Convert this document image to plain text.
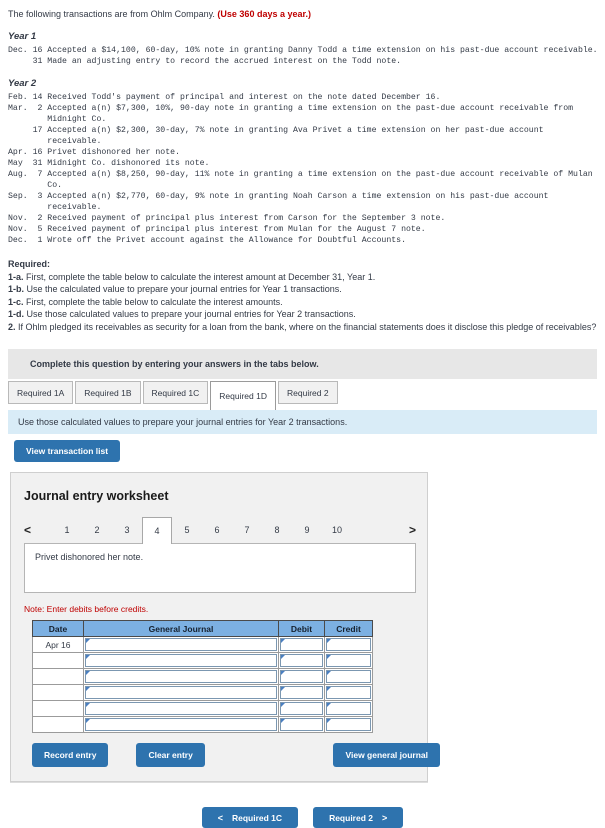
The following transactions are from Ohlm Company. (Use 360 days a year.)
Year 1
Dec. 16 Accepted a $14,100, 60-day, 10% note in granting Danny Todd a time extension on his past-due account receivable.
31 Made an adjusting entry to record the accrued interest on the Todd note.
Year 2
Feb. 14 Received Todd's payment of principal and interest on the note dated December 16.
Mar.  2 Accepted a(n) $7,300, 10%, 90-day note in granting a time extension on the past-due account receivable from
Midnight Co.
17 Accepted a(n) $2,300, 30-day, 7% note in granting Ava Privet a time extension on her past-due account
receivable.
Apr. 16 Privet dishonored her note.
May  31 Midnight Co. dishonored its note.
Aug.  7 Accepted a(n) $8,250, 90-day, 11% note in granting a time extension on the past-due account receivable of Mulan
Co.
Sep.  3 Accepted a(n) $2,770, 60-day, 9% note in granting Noah Carson a time extension on his past-due account
receivable.
Nov.  2 Received payment of principal plus interest from Carson for the September 3 note.
Nov.  5 Received payment of principal plus interest from Mulan for the August 7 note.
Dec.  1 Wrote off the Privet account against the Allowance for Doubtful Accounts.
Required:
1-a. First, complete the table below to calculate the interest amount at December 31, Year 1.
1-b. Use the calculated value to prepare your journal entries for Year 1 transactions.
1-c. First, complete the table below to calculate the interest amounts.
1-d. Use those calculated values to prepare your journal entries for Year 2 transactions.
2. If Ohlm pledged its receivables as security for a loan from the bank, where on the financial statements does it disclose this pledge of receivables?
Complete this question by entering your answers in the tabs below.
Required 1A	Required 1B	Required 1C	Required 1D	Required 2
Use those calculated values to prepare your journal entries for Year 2 transactions.
View transaction list
Journal entry worksheet
<	1	2	3	4	5	6	7	8	9	10	>
Privet dishonored her note.
Note: Enter debits before credits.
Date	General Journal	Debit	Credit
Apr 16	

Record entry	Clear entry	View general journal
< Required 1C	Required 2 >
